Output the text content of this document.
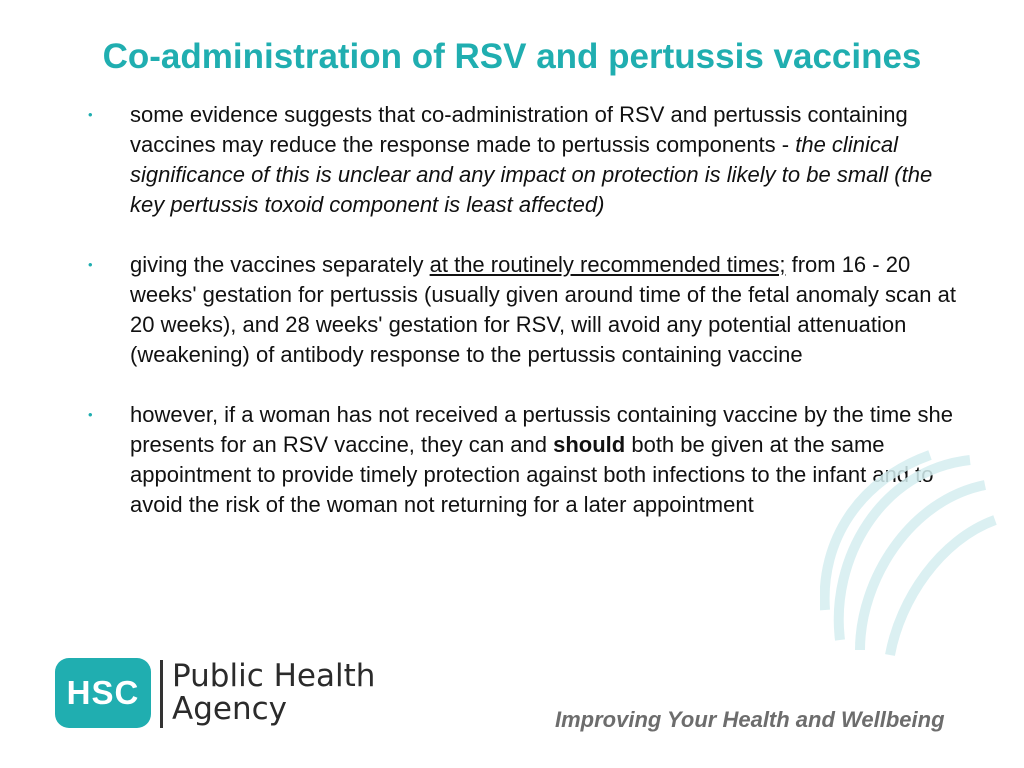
Co-administration of RSV and pertussis vaccines
• some evidence suggests that co-administration of RSV and pertussis containing vaccines may reduce the response made to pertussis components - the clinical significance of this is unclear and any impact on protection is likely to be small (the key pertussis toxoid component is least affected)
• giving the vaccines separately at the routinely recommended times; from 16 - 20 weeks' gestation for pertussis (usually given around time of the fetal anomaly scan at 20 weeks), and 28 weeks' gestation for RSV, will avoid any potential attenuation (weakening) of antibody response to the pertussis containing vaccine
• however, if a woman has not received a pertussis containing vaccine by the time she presents for an RSV vaccine, they can and should both be given at the same appointment to provide timely protection against both infections to the infant and to avoid the risk of the woman not returning for a later appointment
HSC	Public Health
Agency	Improving Your Health and Wellbeing
